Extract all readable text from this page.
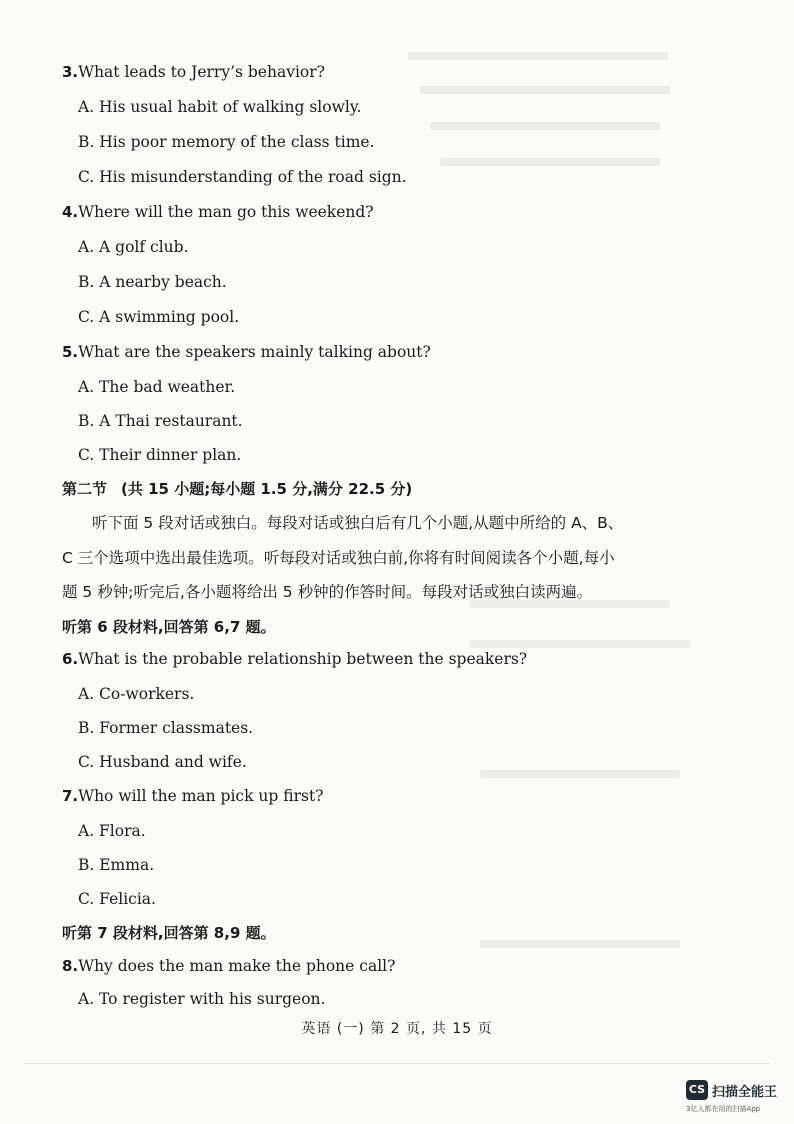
3.What leads to Jerry’s behavior?
A. His usual habit of walking slowly.
B. His poor memory of the class time.
C. His misunderstanding of the road sign.
4.Where will the man go this weekend?
A. A golf club.
B. A nearby beach.
C. A swimming pool.
5.What are the speakers mainly talking about?
A. The bad weather.
B. A Thai restaurant.
C. Their dinner plan.
第二节 (共 15 小题;每小题 1.5 分,满分 22.5 分)
听下面 5 段对话或独白。每段对话或独白后有几个小题,从题中所给的 A、B、
C 三个选项中选出最佳选项。听每段对话或独白前,你将有时间阅读各个小题,每小
题 5 秒钟;听完后,各小题将给出 5 秒钟的作答时间。每段对话或独白读两遍。
听第 6 段材料,回答第 6,7 题。
6.What is the probable relationship between the speakers?
A. Co-workers.
B. Former classmates.
C. Husband and wife.
7.Who will the man pick up first?
A. Flora.
B. Emma.
C. Felicia.
听第 7 段材料,回答第 8,9 题。
8.Why does the man make the phone call?
A. To register with his surgeon.
英语 (一) 第 2 页, 共 15 页
CS 扫描全能王
3亿人都在用的扫描App
